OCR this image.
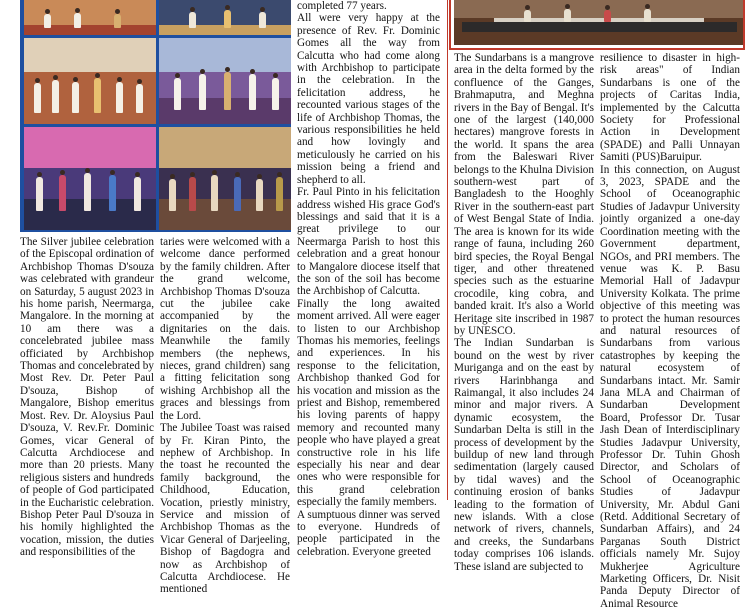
The Silver jubilee celebration of the Episcopal ordination of Archbishop Thomas D'souza was celebrated with grandeur on Saturday, 5 august 2023 in his home parish, Neermarga, Mangalore. In the morning at 10 am there was a concelebrated jubilee mass officiated by Archbishop Thomas and concelebrated by Most Rev. Dr. Peter Paul D'souza, Bishop of Mangalore, Bishop emeritus Most. Rev. Dr. Aloysius Paul D'souza, V. Rev.Fr. Dominic Gomes, vicar General of Calcutta Archdiocese and more than 20 priests. Many religious sisters and hundreds of people of God participated in the Eucharistic celebration. Bishop Peter Paul D'souza in his homily highlighted the vocation, mission, the duties and responsibilities of the

taries were welcomed with a welcome dance performed by the family children. After the grand welcome, Archbishop Thomas D'souza cut the jubilee cake accompanied by the dignitaries on the dais. Meanwhile the family members (the nephews, nieces, grand children) sang a fitting felicitation song wishing Archbishop all the graces and blessings from the Lord.

The Jubilee Toast was raised by Fr. Kiran Pinto, the nephew of Archbishop. In the toast he recounted the family background, the Childhood, Education, Vocation, priestly ministry, Service and mission of Archbishop Thomas as the Vicar General of Darjeeling, Bishop of Bagdogra and now as Archbishop of Calcutta Archdiocese. He mentioned

completed 77 years.

All were very happy at the presence of Rev. Fr. Dominic Gomes all the way from Calcutta who had come along with Archbishop to participate in the celebration. In the felicitation address, he recounted various stages of the life of Archbishop Thomas, the various responsibilities he held and how lovingly and meticulously he carried on his mission being a friend and shepherd to all.

Fr. Paul Pinto in his felicitation address wished His grace God's blessings and said that it is a great privilege to our Neermarga Parish to host this celebration and a great honour to Mangalore diocese itself that the son of the soil has become the Archbishop of Calcutta.

Finally the long awaited moment arrived. All were eager to listen to our Archbishop Thomas his memories, feelings and experiences. In his response to the felicitation, Archbishop thanked God for his vocation and mission as the priest and Bishop, remembered his loving parents of happy memory and recounted many people who have played a great constructive role in his life especially his near and dear ones who were responsible for this grand celebration especially the family members.

A sumptuous dinner was served to everyone. Hundreds of people participated in the celebration. Everyone greeted

The Sundarbans is a mangrove area in the delta formed by the confluence of the Ganges, Brahmaputra, and Meghna rivers in the Bay of Bengal. It's one of the largest (140,000 hectares) mangrove forests in the world. It spans the area from the Baleswari River belongs to the Khulna Division southern-west part of Bangladesh to the Hooghly River in the southern-east part of West Bengal State of India. The area is known for its wide range of fauna, including 260 bird species, the Royal Bengal tiger, and other threatened species such as the estuarine crocodile, king cobra, and banded krait. It's also a World Heritage site inscribed in 1987 by UNESCO.

The Indian Sundarban is bound on the west by river Muriganga and on the east by rivers Harinbhanga and Raimangal, it also includes 24 minor and major rivers. A dynamic ecosystem, the Sundarban Delta is still in the process of development by the buildup of new land through sedimentation (largely caused by tidal waves) and the continuing erosion of banks leading to the formation of new islands. With a close network of rivers, channels, and creeks, the Sundarbans today comprises 106 islands. These island are subjected to

resilience to disaster in high-risk areas" of Indian Sundarbans is one of the projects of Caritas India, implemented by the Calcutta Society for Professional Action in Development (SPADE) and Palli Unnayan Samiti (PUS)Baruipur.

In this connection, on August 3, 2023, SPADE and the School of Oceanographic Studies of Jadavpur University jointly organized a one-day Coordination meeting with the Government department, NGOs, and PRI members. The venue was K. P. Basu Memorial Hall of Jadavpur University Kolkata. The prime objective of this meeting was to protect the human resources and natural resources of Sundarbans from various catastrophes by keeping the natural ecosystem of Sundarbans intact. Mr. Samir Jana MLA and Chairman of Sundarban Development Board, Professor Dr. Tusar Jash Dean of Interdisciplinary Studies Jadavpur University, Professor Dr. Tuhin Ghosh Director, and Scholars of School of Oceanographic Studies of Jadavpur University, Mr. Abdul Gani (Retd. Additional Secretary of Sundarban Affairs), and 24 Parganas South District officials namely Mr. Sujoy Mukherjee Agriculture Marketing Officers, Dr. Nisit Panda Deputy Director of Animal Resource
